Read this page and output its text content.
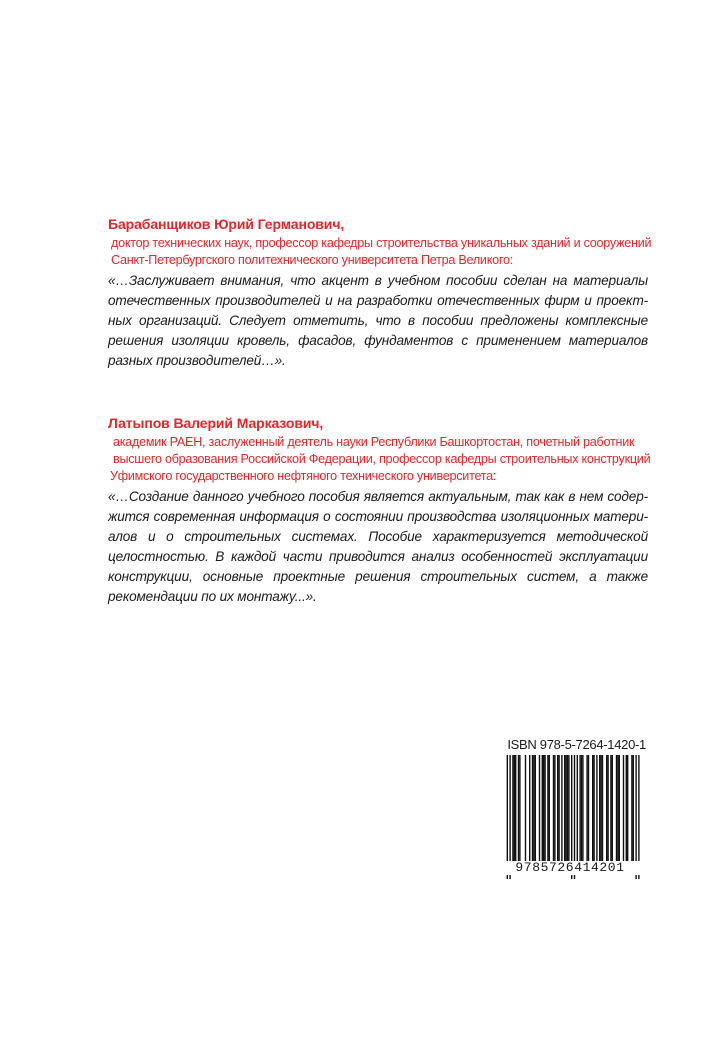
Барабанщиков Юрий Германович,
доктор технических наук, профессор кафедры строительства уникальных зданий и сооружений
Санкт-Петербургского политехнического университета Петра Великого:
«…Заслуживает внимания, что акцент в учебном пособии сделан на материалы
отечественных производителей и на разработки отечественных фирм и проект-
ных организаций. Следует отметить, что в пособии предложены комплексные
решения изоляции кровель, фасадов, фундаментов с применением материалов
разных производителей…».
Латыпов Валерий Марказович,
академик РАЕН, заслуженный деятель науки Республики Башкортостан, почетный работник
высшего образования Российской Федерации, профессор кафедры строительных конструкций
Уфимского государственного нефтяного технического университета:
«…Создание данного учебного пособия является актуальным, так как в нем содер-
жится современная информация о состоянии производства изоляционных матери-
алов и о строительных системах. Пособие характеризуется методической
целостностью. В каждой части приводится анализ особенностей эксплуатации
конструкции, основные проектные решения строительных систем, а также
рекомендации по их монтажу...».
ISBN 978-5-7264-1420-1
9785726414201
